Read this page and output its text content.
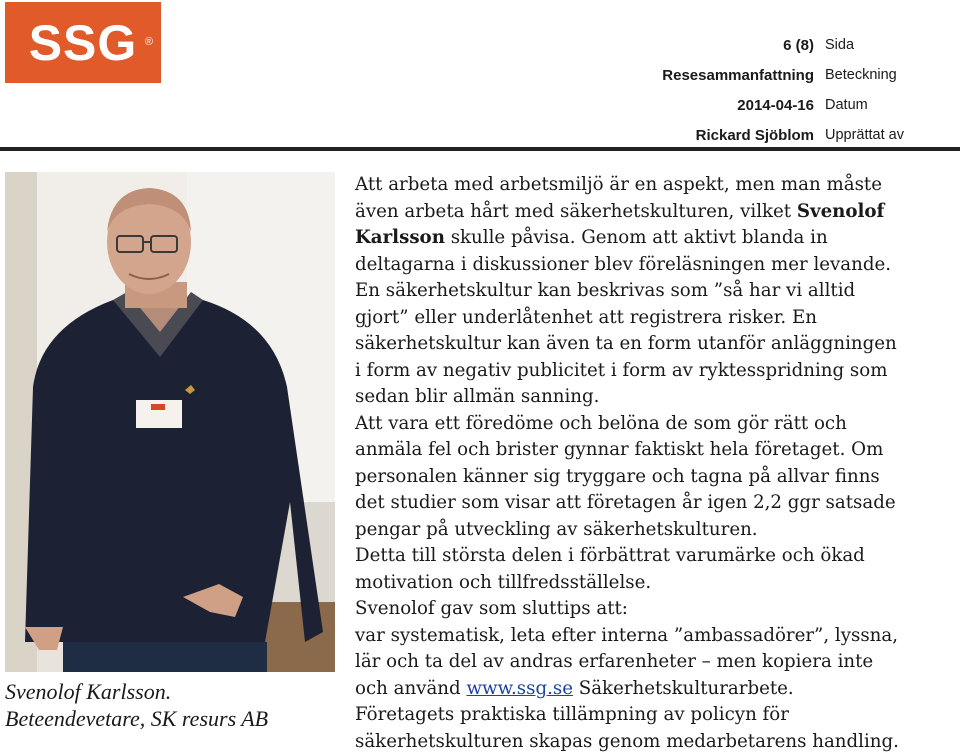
SSG ®	6 (8) Sida
Resesammanfattning Beteckning
2014-04-16 Datum
Rickard Sjöblom Upprättat av
Svenolof Karlsson.
Beteendevetare, SK resurs AB
Att arbeta med arbetsmiljö är en aspekt, men man måste
även arbeta hårt med säkerhetskulturen, vilket Svenolof
Karlsson skulle påvisa. Genom att aktivt blanda in
deltagarna i diskussioner blev föreläsningen mer levande.
En säkerhetskultur kan beskrivas som ”så har vi alltid
gjort” eller underlåtenhet att registrera risker. En
säkerhetskultur kan även ta en form utanför anläggningen
i form av negativ publicitet i form av ryktesspridning som
sedan blir allmän sanning.
Att vara ett föredöme och belöna de som gör rätt och
anmäla fel och brister gynnar faktiskt hela företaget. Om
personalen känner sig tryggare och tagna på allvar finns
det studier som visar att företagen år igen 2,2 ggr satsade
pengar på utveckling av säkerhetskulturen.
Detta till största delen i förbättrat varumärke och ökad
motivation och tillfredsställelse.
Svenolof gav som sluttips att:
var systematisk, leta efter interna ”ambassadörer”, lyssna,
lär och ta del av andras erfarenheter – men kopiera inte
och använd www.ssg.se Säkerhetskulturarbete.
Företagets praktiska tillämpning av policyn för
säkerhetskulturen skapas genom medarbetarens handling.
